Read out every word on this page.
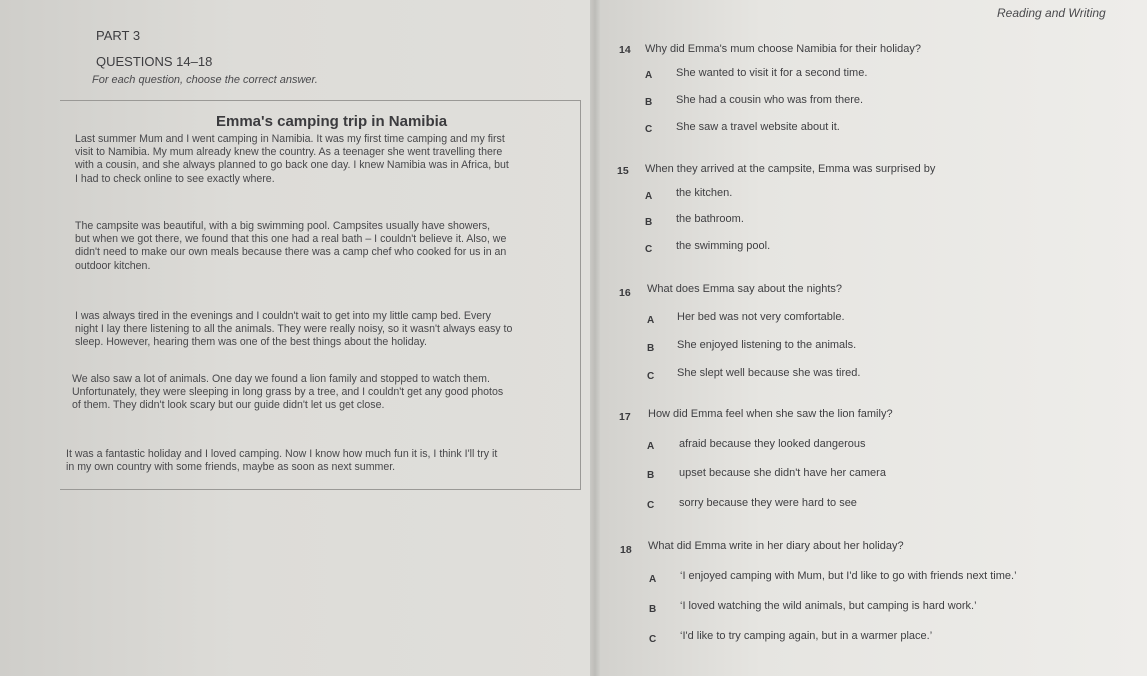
Reading and Writing
PART 3
QUESTIONS 14–18
For each question, choose the correct answer.
Emma's camping trip in Namibia
Last summer Mum and I went camping in Namibia. It was my first time camping and my first
visit to Namibia. My mum already knew the country. As a teenager she went travelling there
with a cousin, and she always planned to go back one day. I knew Namibia was in Africa, but
I had to check online to see exactly where.
The campsite was beautiful, with a big swimming pool. Campsites usually have showers,
but when we got there, we found that this one had a real bath – I couldn't believe it. Also, we
didn't need to make our own meals because there was a camp chef who cooked for us in an
outdoor kitchen.
I was always tired in the evenings and I couldn't wait to get into my little camp bed. Every
night I lay there listening to all the animals. They were really noisy, so it wasn't always easy to
sleep. However, hearing them was one of the best things about the holiday.
We also saw a lot of animals. One day we found a lion family and stopped to watch them.
Unfortunately, they were sleeping in long grass by a tree, and I couldn't get any good photos
of them. They didn't look scary but our guide didn't let us get close.
It was a fantastic holiday and I loved camping. Now I know how much fun it is, I think I'll try it
in my own country with some friends, maybe as soon as next summer.
14 Why did Emma's mum choose Namibia for their holiday?
A She wanted to visit it for a second time.
B She had a cousin who was from there.
C She saw a travel website about it.
15 When they arrived at the campsite, Emma was surprised by
A the kitchen.
B the bathroom.
C the swimming pool.
16 What does Emma say about the nights?
A Her bed was not very comfortable.
B She enjoyed listening to the animals.
C She slept well because she was tired.
17 How did Emma feel when she saw the lion family?
A afraid because they looked dangerous
B upset because she didn't have her camera
C sorry because they were hard to see
18 What did Emma write in her diary about her holiday?
A ‘I enjoyed camping with Mum, but I'd like to go with friends next time.’
B ‘I loved watching the wild animals, but camping is hard work.’
C ‘I'd like to try camping again, but in a warmer place.’
